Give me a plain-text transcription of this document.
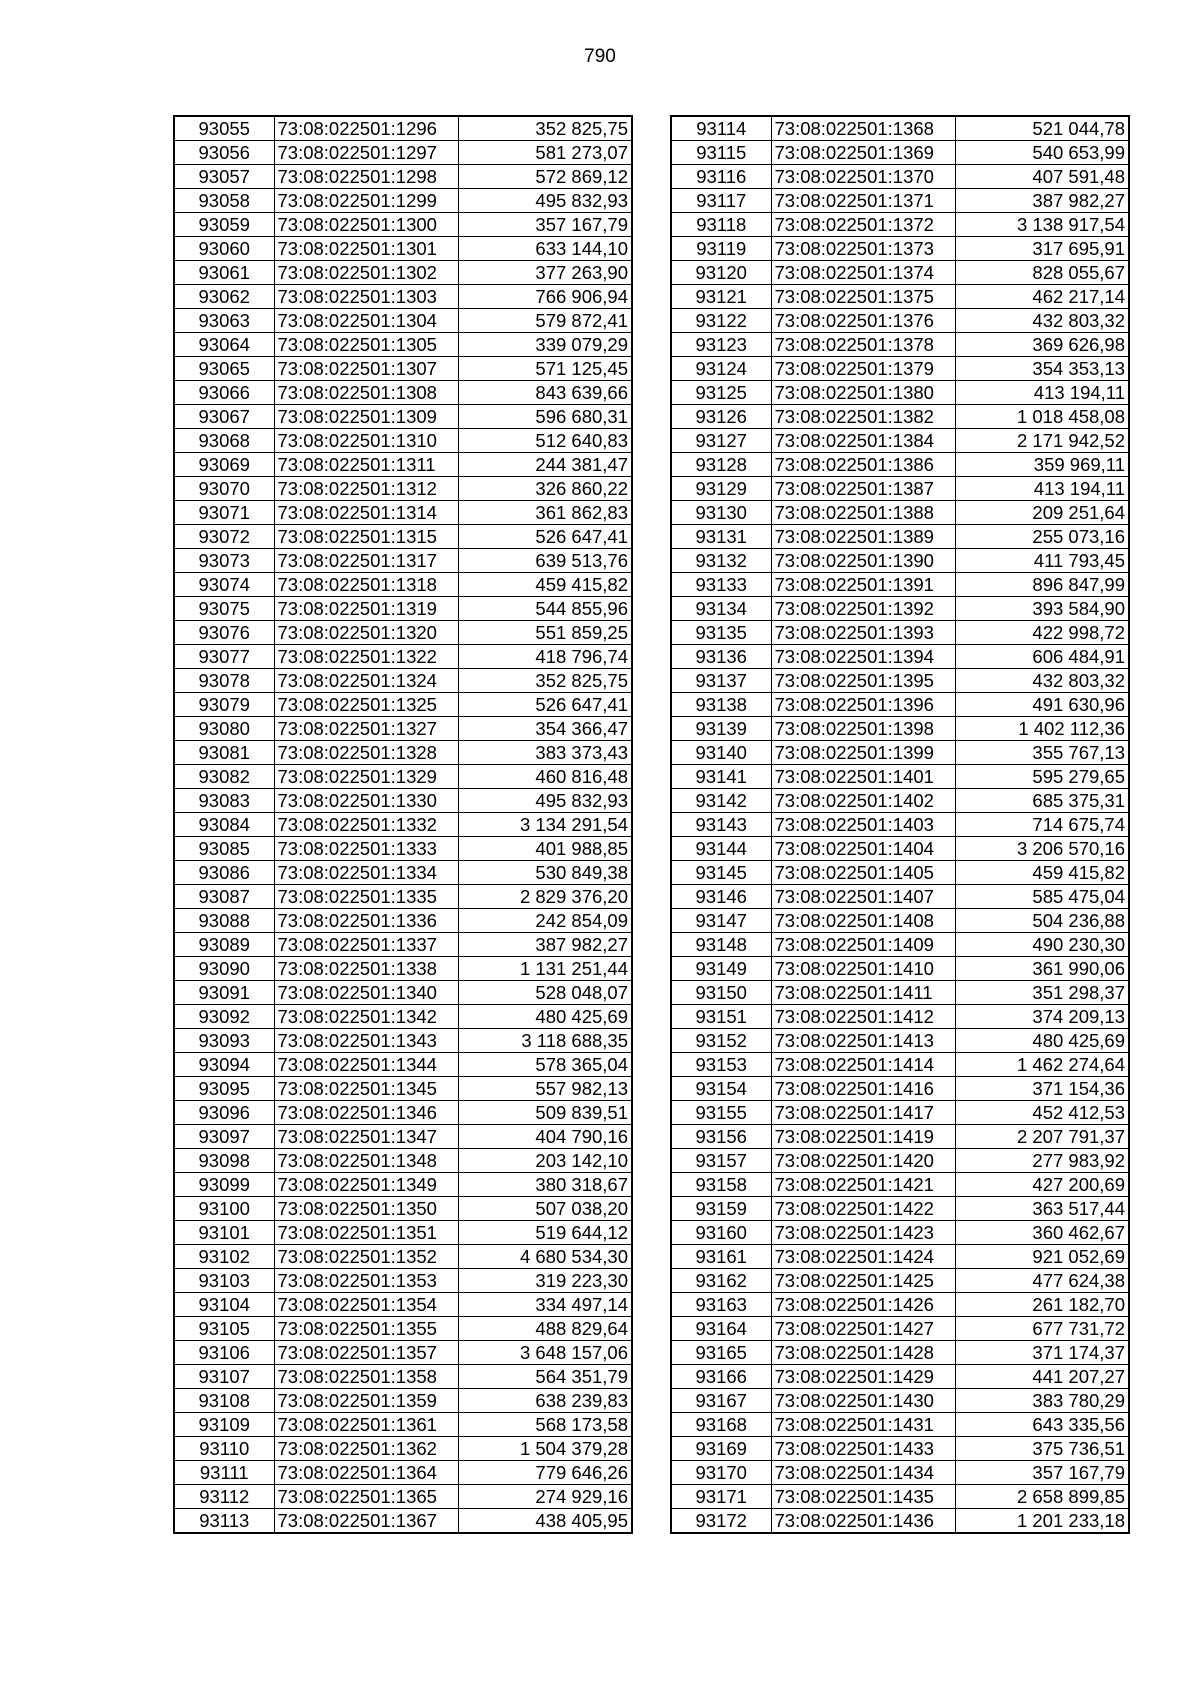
790
93055	73:08:022501:1296	352 825,75
93056	73:08:022501:1297	581 273,07
93057	73:08:022501:1298	572 869,12
93058	73:08:022501:1299	495 832,93
93059	73:08:022501:1300	357 167,79
93060	73:08:022501:1301	633 144,10
93061	73:08:022501:1302	377 263,90
93062	73:08:022501:1303	766 906,94
93063	73:08:022501:1304	579 872,41
93064	73:08:022501:1305	339 079,29
93065	73:08:022501:1307	571 125,45
93066	73:08:022501:1308	843 639,66
93067	73:08:022501:1309	596 680,31
93068	73:08:022501:1310	512 640,83
93069	73:08:022501:1311	244 381,47
93070	73:08:022501:1312	326 860,22
93071	73:08:022501:1314	361 862,83
93072	73:08:022501:1315	526 647,41
93073	73:08:022501:1317	639 513,76
93074	73:08:022501:1318	459 415,82
93075	73:08:022501:1319	544 855,96
93076	73:08:022501:1320	551 859,25
93077	73:08:022501:1322	418 796,74
93078	73:08:022501:1324	352 825,75
93079	73:08:022501:1325	526 647,41
93080	73:08:022501:1327	354 366,47
93081	73:08:022501:1328	383 373,43
93082	73:08:022501:1329	460 816,48
93083	73:08:022501:1330	495 832,93
93084	73:08:022501:1332	3 134 291,54
93085	73:08:022501:1333	401 988,85
93086	73:08:022501:1334	530 849,38
93087	73:08:022501:1335	2 829 376,20
93088	73:08:022501:1336	242 854,09
93089	73:08:022501:1337	387 982,27
93090	73:08:022501:1338	1 131 251,44
93091	73:08:022501:1340	528 048,07
93092	73:08:022501:1342	480 425,69
93093	73:08:022501:1343	3 118 688,35
93094	73:08:022501:1344	578 365,04
93095	73:08:022501:1345	557 982,13
93096	73:08:022501:1346	509 839,51
93097	73:08:022501:1347	404 790,16
93098	73:08:022501:1348	203 142,10
93099	73:08:022501:1349	380 318,67
93100	73:08:022501:1350	507 038,20
93101	73:08:022501:1351	519 644,12
93102	73:08:022501:1352	4 680 534,30
93103	73:08:022501:1353	319 223,30
93104	73:08:022501:1354	334 497,14
93105	73:08:022501:1355	488 829,64
93106	73:08:022501:1357	3 648 157,06
93107	73:08:022501:1358	564 351,79
93108	73:08:022501:1359	638 239,83
93109	73:08:022501:1361	568 173,58
93110	73:08:022501:1362	1 504 379,28
93111	73:08:022501:1364	779 646,26
93112	73:08:022501:1365	274 929,16
93113	73:08:022501:1367	438 405,95
93114	73:08:022501:1368	521 044,78
93115	73:08:022501:1369	540 653,99
93116	73:08:022501:1370	407 591,48
93117	73:08:022501:1371	387 982,27
93118	73:08:022501:1372	3 138 917,54
93119	73:08:022501:1373	317 695,91
93120	73:08:022501:1374	828 055,67
93121	73:08:022501:1375	462 217,14
93122	73:08:022501:1376	432 803,32
93123	73:08:022501:1378	369 626,98
93124	73:08:022501:1379	354 353,13
93125	73:08:022501:1380	413 194,11
93126	73:08:022501:1382	1 018 458,08
93127	73:08:022501:1384	2 171 942,52
93128	73:08:022501:1386	359 969,11
93129	73:08:022501:1387	413 194,11
93130	73:08:022501:1388	209 251,64
93131	73:08:022501:1389	255 073,16
93132	73:08:022501:1390	411 793,45
93133	73:08:022501:1391	896 847,99
93134	73:08:022501:1392	393 584,90
93135	73:08:022501:1393	422 998,72
93136	73:08:022501:1394	606 484,91
93137	73:08:022501:1395	432 803,32
93138	73:08:022501:1396	491 630,96
93139	73:08:022501:1398	1 402 112,36
93140	73:08:022501:1399	355 767,13
93141	73:08:022501:1401	595 279,65
93142	73:08:022501:1402	685 375,31
93143	73:08:022501:1403	714 675,74
93144	73:08:022501:1404	3 206 570,16
93145	73:08:022501:1405	459 415,82
93146	73:08:022501:1407	585 475,04
93147	73:08:022501:1408	504 236,88
93148	73:08:022501:1409	490 230,30
93149	73:08:022501:1410	361 990,06
93150	73:08:022501:1411	351 298,37
93151	73:08:022501:1412	374 209,13
93152	73:08:022501:1413	480 425,69
93153	73:08:022501:1414	1 462 274,64
93154	73:08:022501:1416	371 154,36
93155	73:08:022501:1417	452 412,53
93156	73:08:022501:1419	2 207 791,37
93157	73:08:022501:1420	277 983,92
93158	73:08:022501:1421	427 200,69
93159	73:08:022501:1422	363 517,44
93160	73:08:022501:1423	360 462,67
93161	73:08:022501:1424	921 052,69
93162	73:08:022501:1425	477 624,38
93163	73:08:022501:1426	261 182,70
93164	73:08:022501:1427	677 731,72
93165	73:08:022501:1428	371 174,37
93166	73:08:022501:1429	441 207,27
93167	73:08:022501:1430	383 780,29
93168	73:08:022501:1431	643 335,56
93169	73:08:022501:1433	375 736,51
93170	73:08:022501:1434	357 167,79
93171	73:08:022501:1435	2 658 899,85
93172	73:08:022501:1436	1 201 233,18
